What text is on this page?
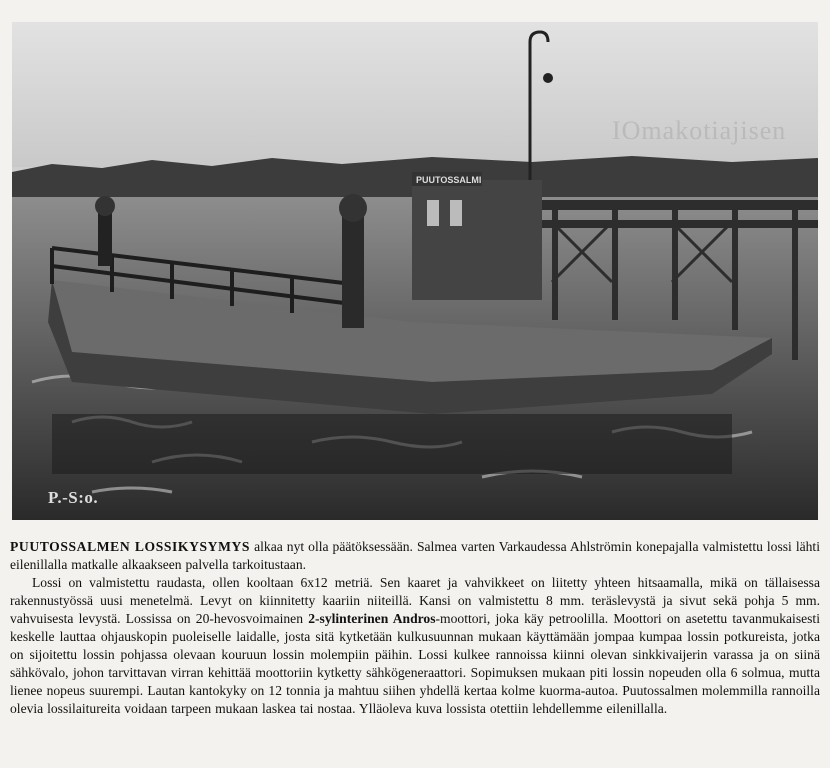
PUUTOSSALMI
P.-S:o.
IOmakotiajisen

PUUTOSSALMEN LOSSIKYSYMYS alkaa nyt olla päätöksessään. Salmea varten Varkaudessa Ahlströmin konepajalla valmistettu lossi lähti eilenillalla matkalle alkaakseen palvella tarkoitustaan.

Lossi on valmistettu raudasta, ollen kooltaan 6x12 metriä. Sen kaaret ja vahvikkeet on liitetty yhteen hitsaamalla, mikä on tällaisessa rakennustyössä uusi menetelmä. Levyt on kiinnitetty kaariin niiteillä. Kansi on valmistettu 8 mm. teräslevystä ja sivut sekä pohja 5 mm. vahvuisesta levystä. Lossissa on 20-hevosvoimainen 2-sylinterinen Andros-moottori, joka käy petroolilla. Moottori on asetettu tavanmukaisesti keskelle lauttaa ohjauskopin puoleiselle laidalle, josta sitä kytketään kulkusuunnan mukaan käyttämään jompaa kumpaa lossin potkureista, jotka on sijoitettu lossin pohjassa olevaan kouruun lossin molempiin päihin. Lossi kulkee rannoissa kiinni olevan sinkkivaijerin varassa ja on siinä sähkövalo, johon tarvittavan virran kehittää moottoriin kytketty sähkögeneraattori. Sopimuksen mukaan piti lossin nopeuden olla 6 solmua, mutta lienee nopeus suurempi. Lautan kantokyky on 12 tonnia ja mahtuu siihen yhdellä kertaa kolme kuorma-autoa. Puutossalmen molemmilla rannoilla olevia lossilaitureita voidaan tarpeen mukaan laskea tai nostaa. Ylläoleva kuva lossista otettiin lehdellemme eilenillalla.
